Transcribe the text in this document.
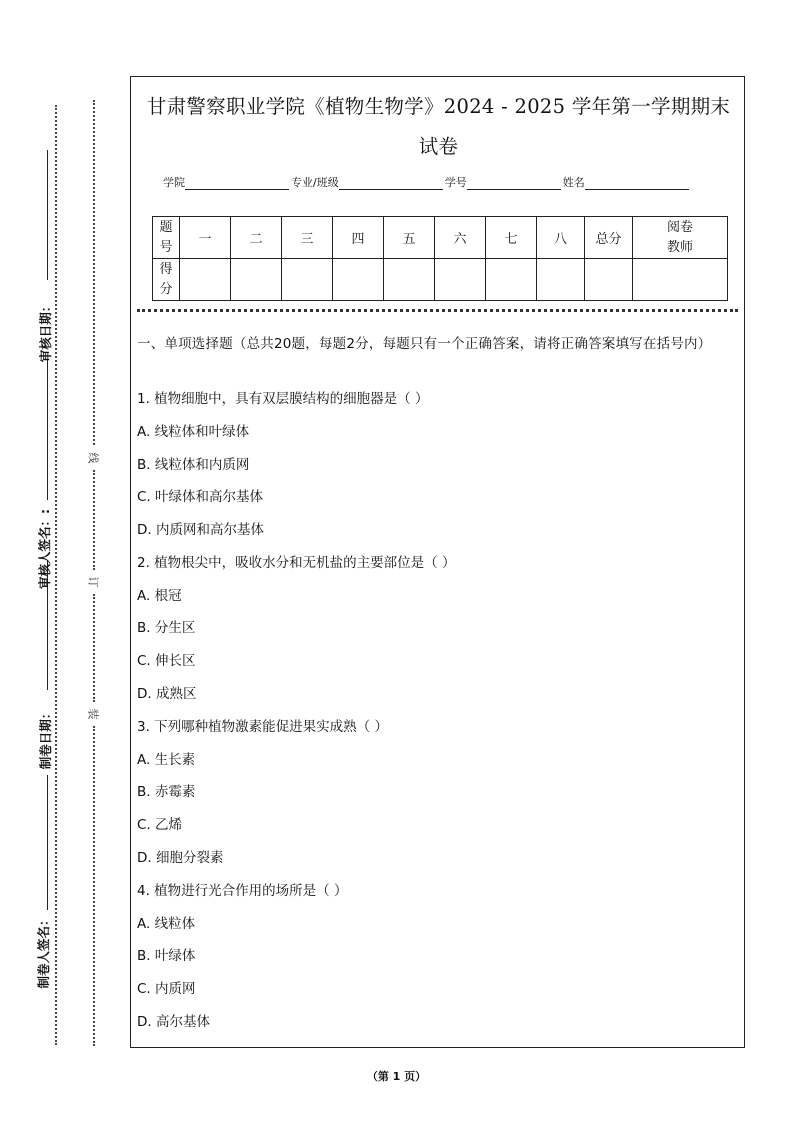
审核日期：
审核人签名：:
制卷日期：
制卷人签名：
线
订
装
甘肃警察职业学院《植物生物学》2024 - 2025 学年第一学期期末
试卷
学院	专业/班级	学号	姓名
题号	一	二	三	四	五	六	七	八	总分	阅卷教师

得分										

一、单项选择题（总共20题，每题2分，每题只有一个正确答案，请将正确答案填写在括号内）
1. 植物细胞中，具有双层膜结构的细胞器是（ ）
A. 线粒体和叶绿体
B. 线粒体和内质网
C. 叶绿体和高尔基体
D. 内质网和高尔基体
2. 植物根尖中，吸收水分和无机盐的主要部位是（ ）
A. 根冠
B. 分生区
C. 伸长区
D. 成熟区
3. 下列哪种植物激素能促进果实成熟（ ）
A. 生长素
B. 赤霉素
C. 乙烯
D. 细胞分裂素
4. 植物进行光合作用的场所是（ ）
A. 线粒体
B. 叶绿体
C. 内质网
D. 高尔基体
（第 1 页）
